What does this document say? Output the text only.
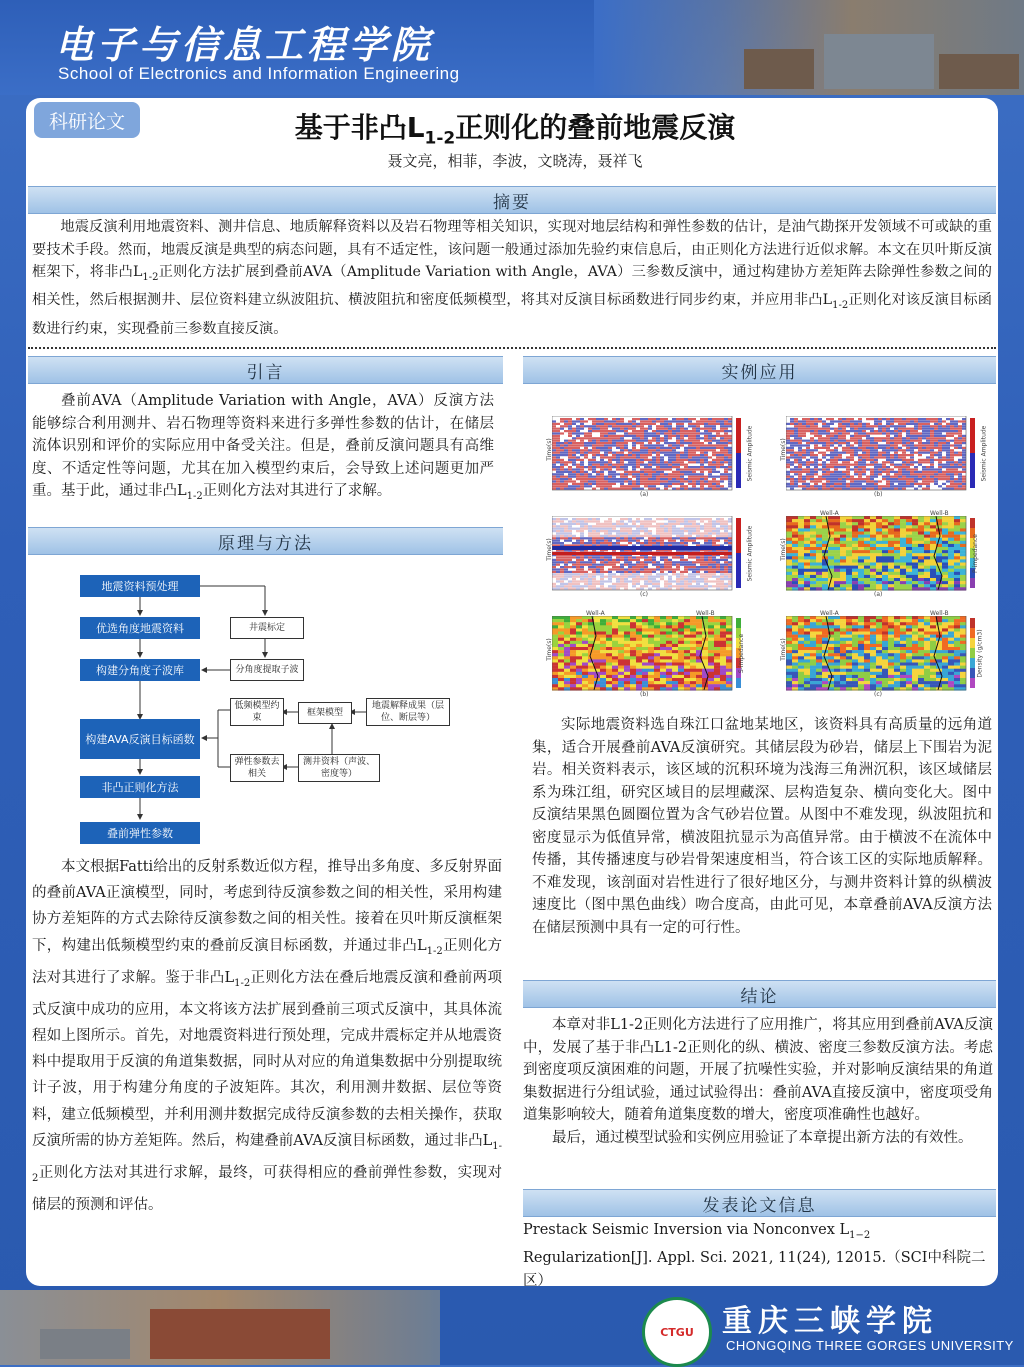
电子与信息工程学院
School of Electronics and Information Engineering
科研论文	基于非凸$L_{1-2}$正则化的叠前地震反演
聂文亮，相菲，李波，文晓涛，聂祥飞
摘要

地震反演利用地震资料、测井信息、地质解释资料以及岩石物理等相关知识，实现对地层结构和弹性参数的估计，是油气勘探开发领域不可或缺的重要技术手段。然而，地震反演是典型的病态问题，具有不适定性，该问题一般通过添加先验约束信息后，由正则化方法进行近似求解。本文在贝叶斯反演框架下，将非凸$L_{1-2}$正则化方法扩展到叠前AVA（Amplitude Variation with Angle，AVA）三参数反演中，通过构建协方差矩阵去除弹性参数之间的相关性，然后根据测井、层位资料建立纵波阻抗、横波阻抗和密度低频模型，将其对反演目标函数进行同步约束，并应用非凸$L_{1-2}$正则化对该反演目标函数进行约束，实现叠前三参数直接反演。

引言

叠前AVA（Amplitude Variation with Angle，AVA）反演方法能够综合利用测井、岩石物理等资料来进行多弹性参数的估计，在储层流体识别和评价的实际应用中备受关注。但是，叠前反演问题具有高维度、不适定性等问题，尤其在加入模型约束后，会导致上述问题更加严重。基于此，通过非凸$L_{1-2}$正则化方法对其进行了求解。

原理与方法
地震资料预处理
优选角度地震资料
构建分角度子波库
构建AVA反演目标函数
非凸正则化方法
叠前弹性参数
井震标定
分角度提取子波
低频模型约束	框架模型
地震解释成果（层位、断层等）
弹性参数去相关
测井资料（声波、密度等）

本文根据Fatti给出的反射系数近似方程，推导出多角度、多反射界面的叠前AVA正演模型，同时，考虑到待反演参数之间的相关性，采用构建协方差矩阵的方式去除待反演参数之间的相关性。接着在贝叶斯反演框架下，构建出低频模型约束的叠前反演目标函数，并通过非凸$L_{1-2}$正则化方法对其进行了求解。鉴于非凸$L_{1-2}$正则化方法在叠后地震反演和叠前两项式反演中成功的应用，本文将该方法扩展到叠前三项式反演中，其具体流程如上图所示。首先，对地震资料进行预处理，完成井震标定并从地震资料中提取用于反演的角道集数据，同时从对应的角道集数据中分别提取统计子波，用于构建分角度的子波矩阵。其次，利用测井数据、层位等资料，建立低频模型，并利用测井数据完成待反演参数的去相关操作，获取反演所需的协方差矩阵。然后，构建叠前AVA反演目标函数，通过非凸$L_{1-2}$正则化方法对其进行求解，最终，可获得相应的叠前弹性参数，实现对储层的预测和评估。

实例应用
(a)
Time(s)	Seismic Amplitude
(b)
Time(s)	Seismic Amplitude
(c)
Time(s)	Seismic Amplitude
(a)
Time(s)	P-impedance
Well-A	Well-B
(b)
Time(s)	S-impedance
Well-A	Well-B
(c)
Time(s)	Density (g/cm3)
Well-A	Well-B

实际地震资料选自珠江口盆地某地区，该资料具有高质量的远角道集，适合开展叠前AVA反演研究。其储层段为砂岩，储层上下围岩为泥岩。相关资料表示，该区域的沉积环境为浅海三角洲沉积，该区域储层系为珠江组，研究区域目的层埋藏深、层构造复杂、横向变化大。图中反演结果黑色圆圈位置为含气砂岩位置。从图中不难发现，纵波阻抗和密度显示为低值异常，横波阻抗显示为高值异常。由于横波不在流体中传播，其传播速度与砂岩骨架速度相当，符合该工区的实际地质解释。不难发现，该剖面对岩性进行了很好地区分，与测井资料计算的纵横波速度比（图中黑色曲线）吻合度高，由此可见，本章叠前AVA反演方法在储层预测中具有一定的可行性。

结论

本章对非L1-2正则化方法进行了应用推广，将其应用到叠前AVA反演中，发展了基于非凸L1-2正则化的纵、横波、密度三参数反演方法。考虑到密度项反演困难的问题，开展了抗噪性实验，并对影响反演结果的角道集数据进行分组试验，通过试验得出：叠前AVA直接反演中，密度项受角道集影响较大，随着角道集度数的增大，密度项准确性也越好。

最后，通过模型试验和实例应用验证了本章提出新方法的有效性。

发表论文信息
Prestack Seismic Inversion via Nonconvex $L_{1-2}$ Regularization[J]. Appl. Sci. 2021, 11(24), 12015.（SCI中科院二区）
CTGU 重庆三峡学院
CHONGQING THREE GORGES UNIVERSITY
